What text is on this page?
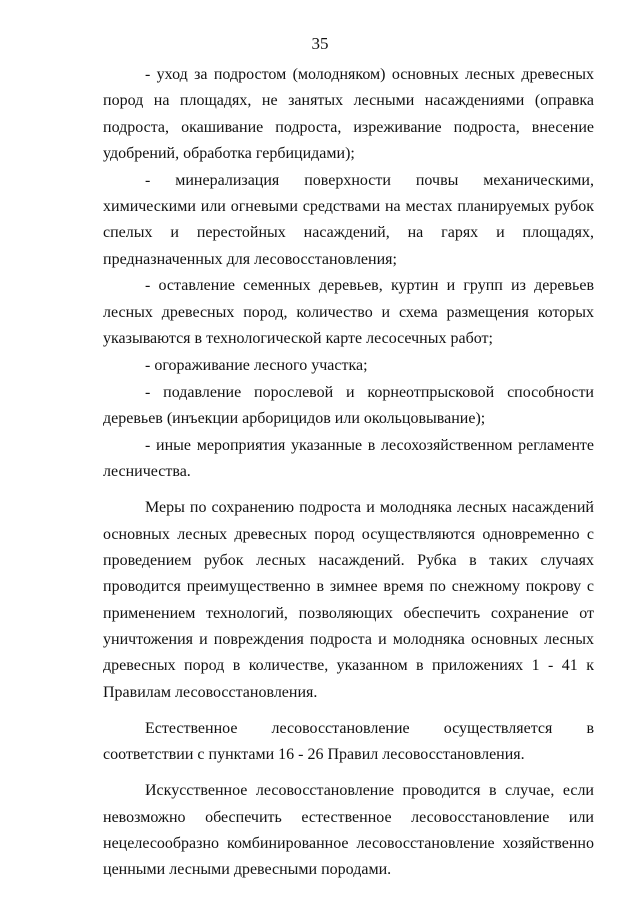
35

- уход за подростом (молодняком) основных лесных древесных пород на площадях, не занятых лесными насаждениями (оправка подроста, окашивание подроста, изреживание подроста, внесение удобрений, обработка гербицидами);

- минерализация поверхности почвы механическими, химическими или огневыми средствами на местах планируемых рубок спелых и перестойных насаждений, на гарях и площадях, предназначенных для лесовосстановления;

- оставление семенных деревьев, куртин и групп из деревьев лесных древесных пород, количество и схема размещения которых указываются в технологической карте лесосечных работ;

- огораживание лесного участка;

- подавление порослевой и корнеотпрысковой способности деревьев (инъекции арборицидов или окольцовывание);

- иные мероприятия указанные в лесохозяйственном регламенте лесничества.

Меры по сохранению подроста и молодняка лесных насаждений основных лесных древесных пород осуществляются одновременно с проведением рубок лесных насаждений. Рубка в таких случаях проводится преимущественно в зимнее время по снежному покрову с применением технологий, позволяющих обеспечить сохранение от уничтожения и повреждения подроста и молодняка основных лесных древесных пород в количестве, указанном в приложениях 1 - 41 к Правилам лесовосстановления.

Естественное лесовосстановление осуществляется в соответствии с пунктами 16 - 26 Правил лесовосстановления.

Искусственное лесовосстановление проводится в случае, если невозможно обеспечить естественное лесовосстановление или нецелесообразно комбинированное лесовосстановление хозяйственно ценными лесными древесными породами.
